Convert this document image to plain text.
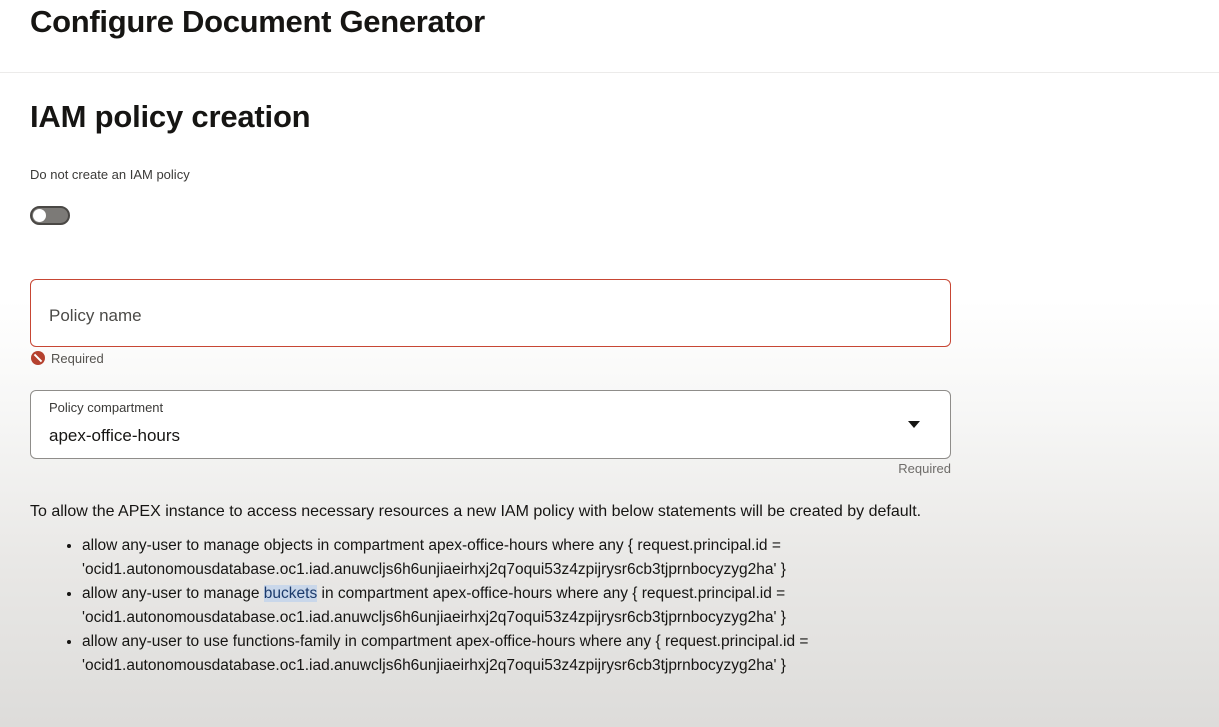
Configure Document Generator
IAM policy creation
Do not create an IAM policy
Policy name
Required
Policy compartment
apex-office-hours
Required

To allow the APEX instance to access necessary resources a new IAM policy with below statements will be created by default.

• allow any-user to manage objects in compartment apex-office-hours where any { request.principal.id =
'ocid1.autonomousdatabase.oc1.iad.anuwcljs6h6unjiaeirhxj2q7oqui53z4zpijrysr6cb3tjprnbocyzyg2ha' }
• allow any-user to manage buckets in compartment apex-office-hours where any { request.principal.id =
'ocid1.autonomousdatabase.oc1.iad.anuwcljs6h6unjiaeirhxj2q7oqui53z4zpijrysr6cb3tjprnbocyzyg2ha' }
• allow any-user to use functions-family in compartment apex-office-hours where any { request.principal.id =
'ocid1.autonomousdatabase.oc1.iad.anuwcljs6h6unjiaeirhxj2q7oqui53z4zpijrysr6cb3tjprnbocyzyg2ha' }
